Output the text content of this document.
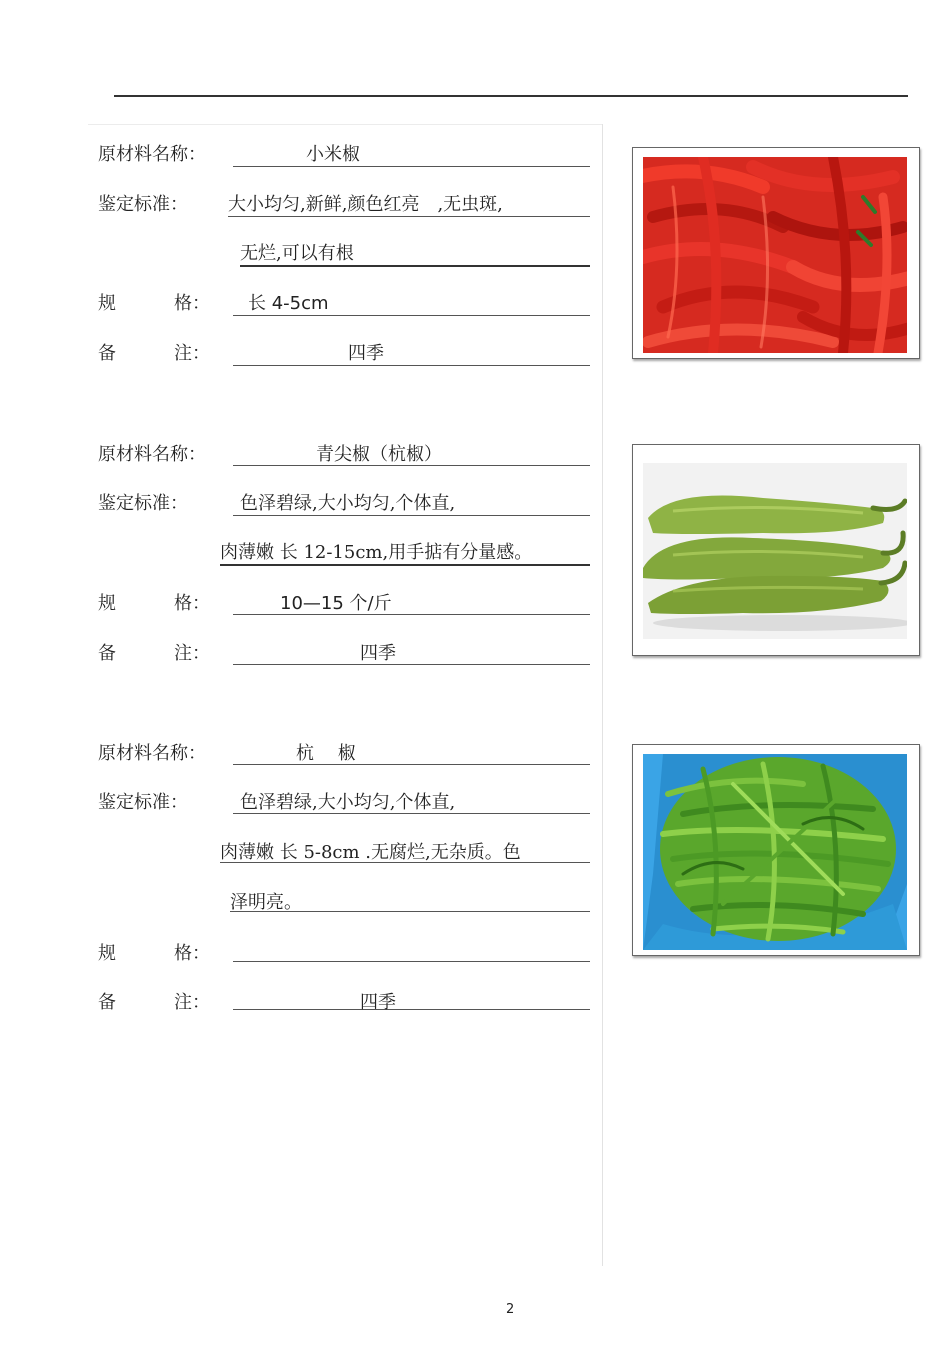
原材料名称：	小米椒
鉴定标准： 大小均匀,新鲜,颜色红亮　,无虫斑,
无烂,可以有根
规	格： 长 4-5cm
备	注：	四季
原材料名称：	青尖椒（杭椒）
鉴定标准：	色泽碧绿,大小均匀,个体直,
肉薄嫩 长 12-15cm,用手掂有分量感。
规	格：	10—15 个/斤
备	注：	四季
原材料名称：	杭　 椒
鉴定标准：	色泽碧绿,大小均匀,个体直,
肉薄嫩 长 5-8cm .无腐烂,无杂质。色
泽明亮。
规	格：
备	注：	四季
2
